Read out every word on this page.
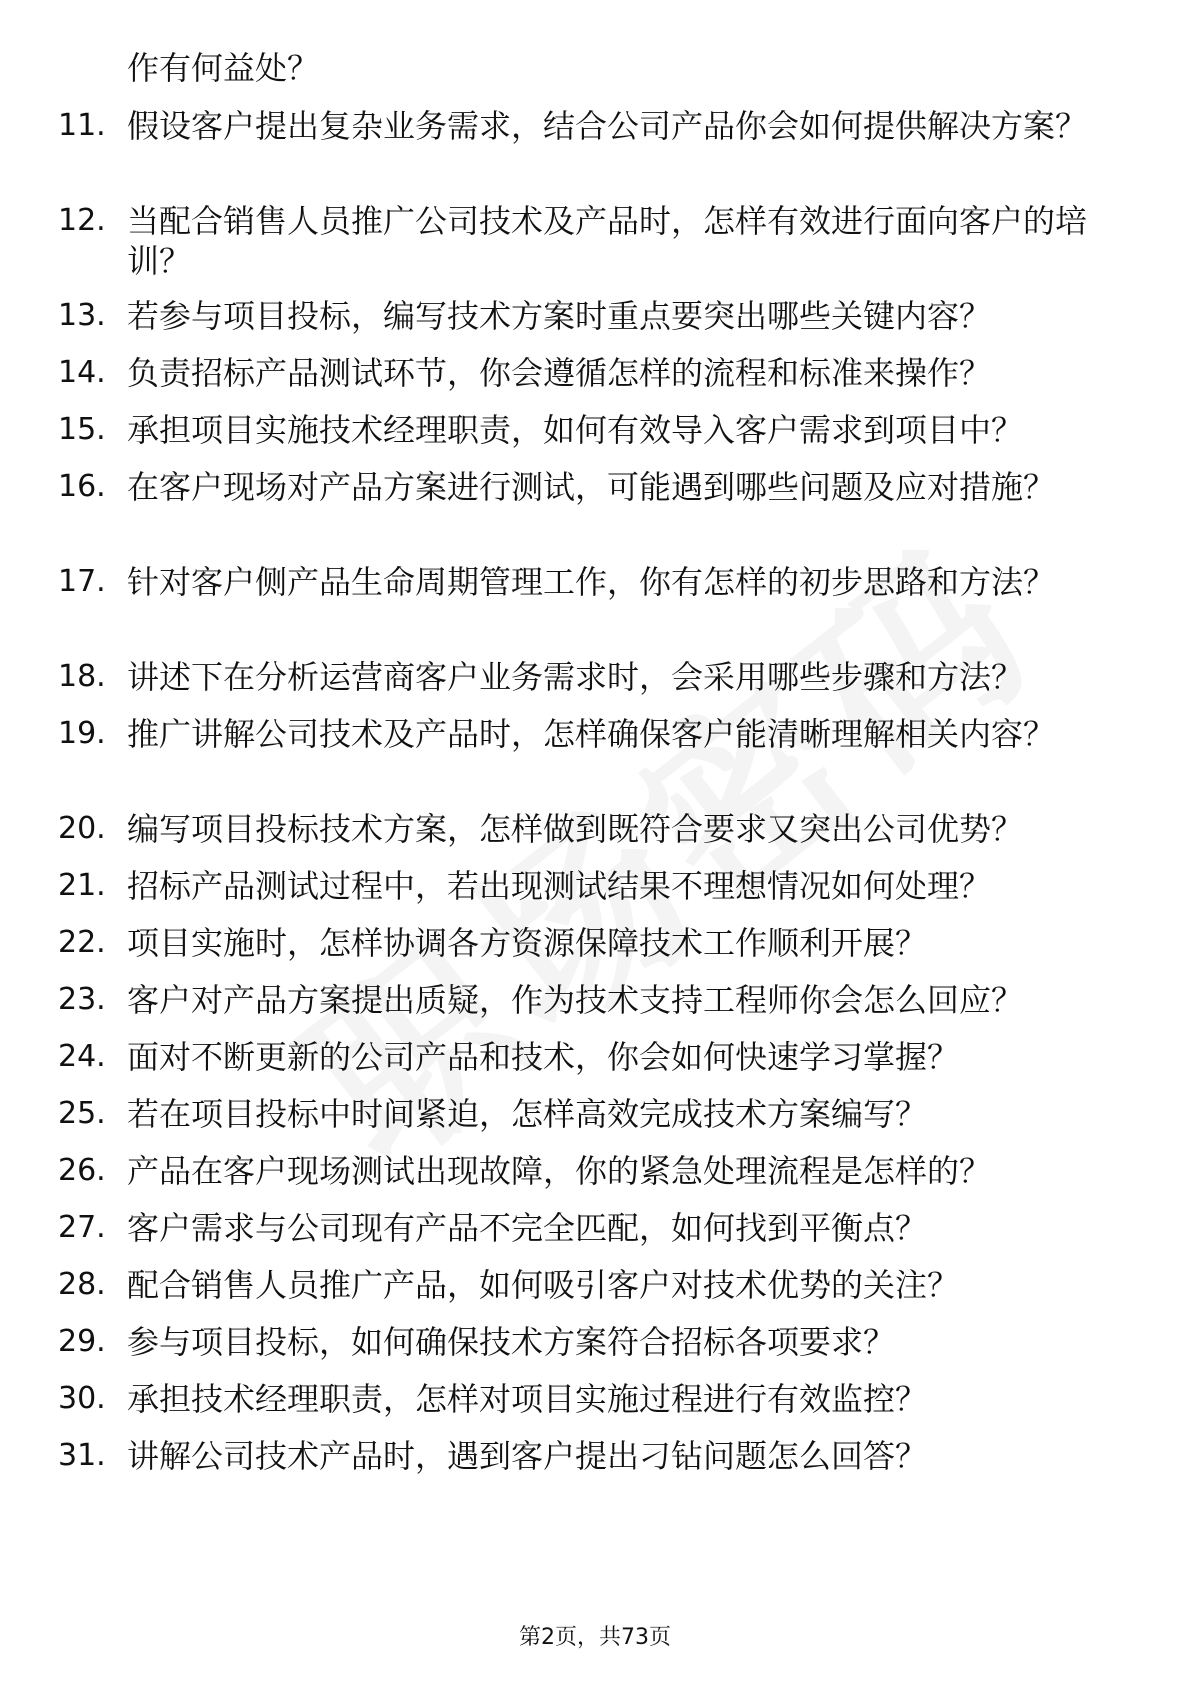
作有何益处？
11. 假设客户提出复杂业务需求，结合公司产品你会如何提供解决方案？
12. 当配合销售人员推广公司技术及产品时，怎样有效进行面向客户的培训？
13. 若参与项目投标，编写技术方案时重点要突出哪些关键内容？
14. 负责招标产品测试环节，你会遵循怎样的流程和标准来操作？
15. 承担项目实施技术经理职责，如何有效导入客户需求到项目中？
16. 在客户现场对产品方案进行测试，可能遇到哪些问题及应对措施？
17. 针对客户侧产品生命周期管理工作，你有怎样的初步思路和方法？
18. 讲述下在分析运营商客户业务需求时，会采用哪些步骤和方法？
19. 推广讲解公司技术及产品时，怎样确保客户能清晰理解相关内容？
20. 编写项目投标技术方案，怎样做到既符合要求又突出公司优势？
21. 招标产品测试过程中，若出现测试结果不理想情况如何处理？
22. 项目实施时，怎样协调各方资源保障技术工作顺利开展？
23. 客户对产品方案提出质疑，作为技术支持工程师你会怎么回应？
24. 面对不断更新的公司产品和技术，你会如何快速学习掌握？
25. 若在项目投标中时间紧迫，怎样高效完成技术方案编写？
26. 产品在客户现场测试出现故障，你的紧急处理流程是怎样的？
27. 客户需求与公司现有产品不完全匹配，如何找到平衡点？
28. 配合销售人员推广产品，如何吸引客户对技术优势的关注？
29. 参与项目投标，如何确保技术方案符合招标各项要求？
30. 承担技术经理职责，怎样对项目实施过程进行有效监控？
31. 讲解公司技术产品时，遇到客户提出刁钻问题怎么回答？
第2页，共73页
